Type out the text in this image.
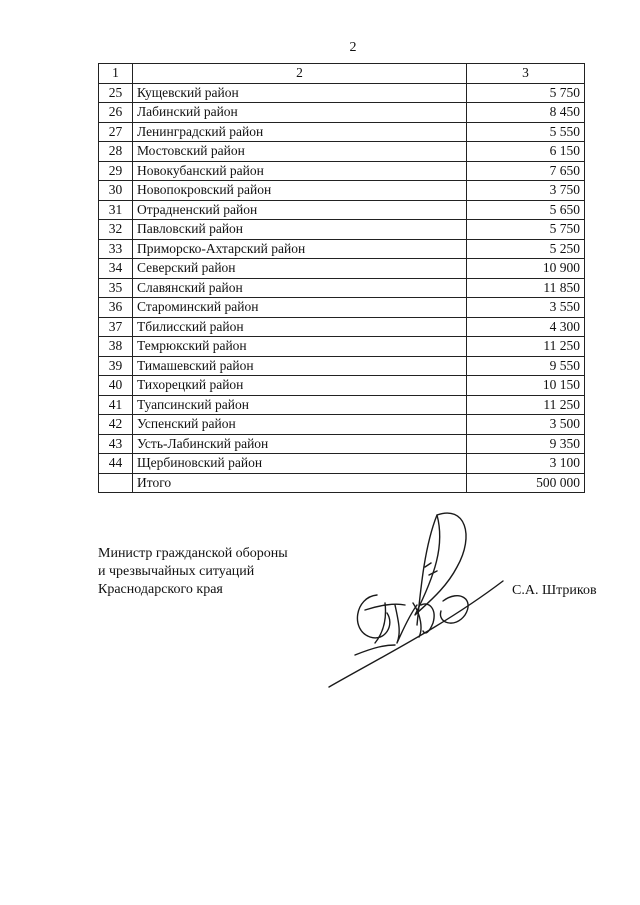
2
1	2	3
25	Кущевский район	5 750
26	Лабинский район	8 450
27	Ленинградский район	5 550
28	Мостовский район	6 150
29	Новокубанский район	7 650
30	Новопокровский район	3 750
31	Отрадненский район	5 650
32	Павловский район	5 750
33	Приморско-Ахтарский район	5 250
34	Северский район	10 900
35	Славянский район	11 850
36	Староминский район	3 550
37	Тбилисский район	4 300
38	Темрюкский район	11 250
39	Тимашевский район	9 550
40	Тихорецкий район	10 150
41	Туапсинский район	11 250
42	Успенский район	3 500
43	Усть-Лабинский район	9 350
44	Щербиновский район	3 100
	Итого	500 000
Министр гражданской обороны
и чрезвычайных ситуаций
Краснодарского края	С.А. Штриков
